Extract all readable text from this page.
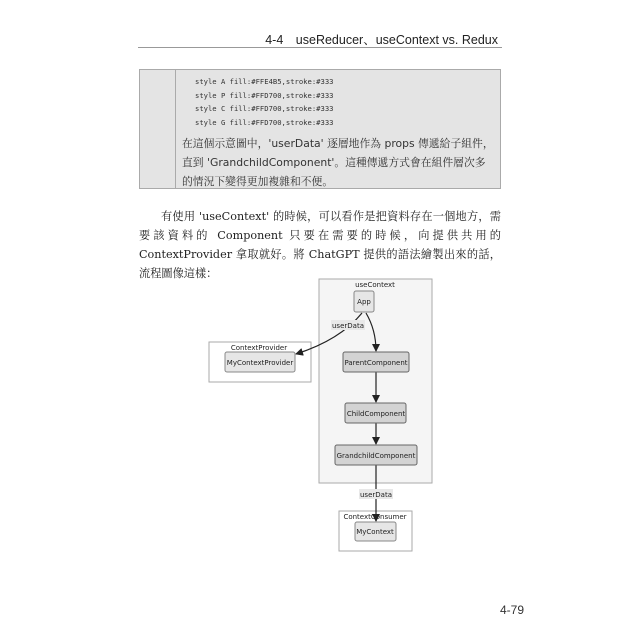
4-4　useReducer、useContext vs. Redux
style A fill:#FFE4B5,stroke:#333
style P fill:#FFD700,stroke:#333
style C fill:#FFD700,stroke:#333
style G fill:#FFD700,stroke:#333
在這個示意圖中，'userData' 逐層地作為 props 傳遞給子組件，直到 'GrandchildComponent'。這種傳遞方式會在組件層次多的情況下變得更加複雜和不便。
有使用 'useContext' 的時候，可以看作是把資料存在一個地方，需要該資料的 Component 只要在需要的時候，向提供共用的 ContextProvider 拿取就好。將 ChatGPT 提供的語法繪製出來的話，流程圖像這樣：
useContext
ContextProvider
ContextConsumer
userData
userData
App
MyContextProvider	ParentComponent
ChildComponent
GrandchildComponent
MyContext
4-79
